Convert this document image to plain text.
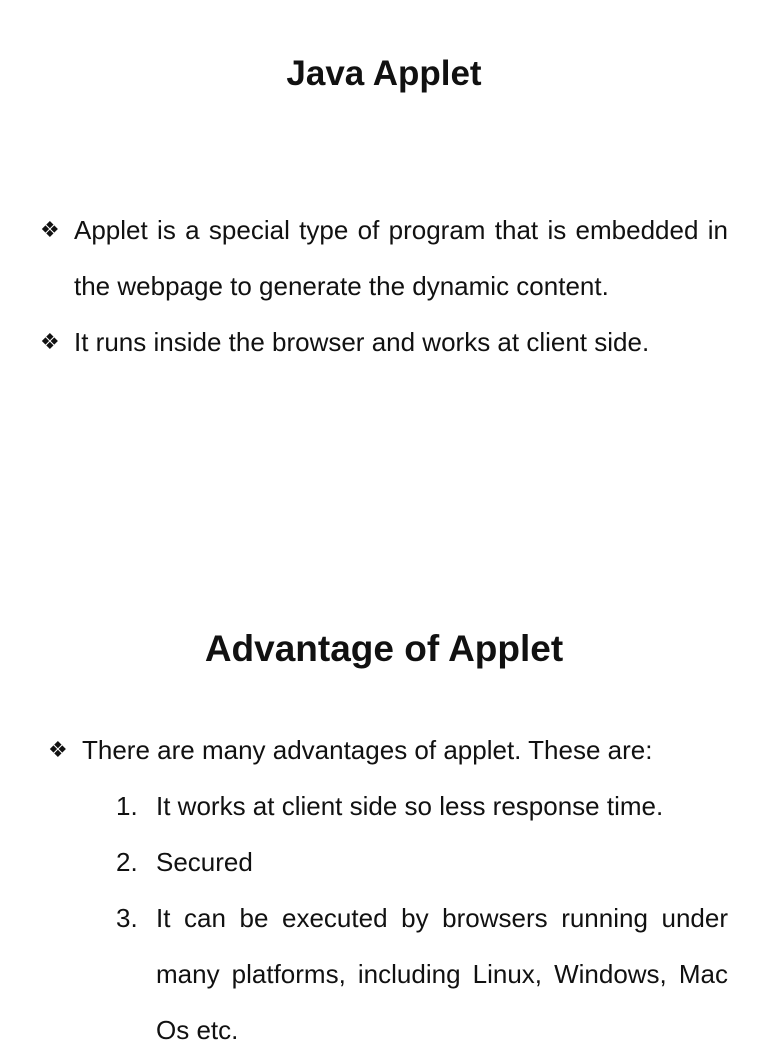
Java Applet
❖ Applet is a special type of program that is embedded in the webpage to generate the dynamic content.
❖ It runs inside the browser and works at client side.
Advantage of Applet
❖ There are many advantages of applet. These are:
1. It works at client side so less response time.
2. Secured
3. It can be executed by browsers running under many platforms, including Linux, Windows, Mac Os etc.
